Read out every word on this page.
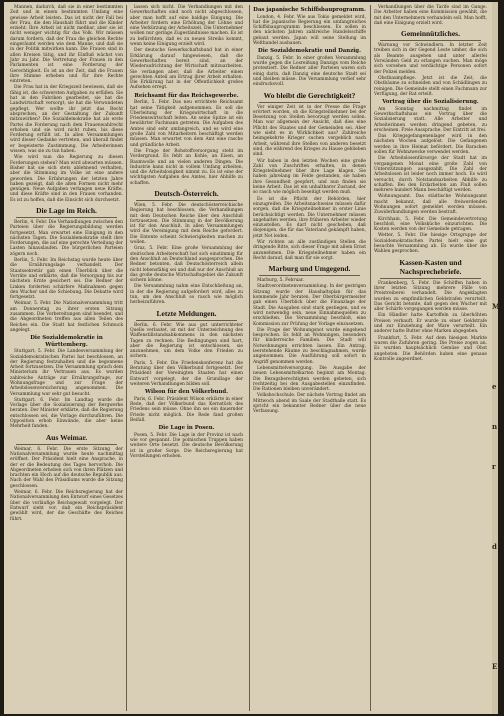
Mannen, dadurch, daß sie in einer bestimmten Zeit und in einem bestimmten Umfang eine gewisse Arbeit leisten. Das ist nicht der Fall bei der Frau, die den Haushalt führt und die Kinder erzieht. Ihre Arbeit ist nicht meßbar, aber sie ist nicht weniger wichtig für das Volk. Wir müssen darum fordern, daß der Frau die gleichen Rechte eingeräumt werden wie dem Manne, und daß sie in der Politik mitwirken kann. Die Frauen sind in allen Kreisen tätig, und ihr Einfluß wächst von Jahr zu Jahr. Die Vertretung der Frauen in den Parlamenten ist eine Forderung der Gerechtigkeit. Es ist an der Zeit, daß die Frauen ihre Stimme erheben und für ihre Rechte eintreten.

Die Frau hat in der Kriegszeit bewiesen, daß sie fähig ist, die schwersten Aufgaben zu erfüllen. Sie hat in den Fabriken gearbeitet, sie hat die Landwirtschaft versorgt, sie hat die Verwundeten gepflegt. Wer wollte ihr jetzt das Recht absprechen, an der Gestaltung der Zukunft mitzuwirken? Die Sozialdemokratie hat als erste Partei die Forderung nach dem Frauenwahlrecht erhoben und sie wird nicht ruhen, bis diese Forderung erfüllt ist. In allen Versammlungen wird dieser Gedanke vertreten, und überall findet er begeisterte Zustimmung. Die Arbeiterinnen wissen, was sie zu tun haben.

Wie wird nun die Regierung zu diesen Forderungen stehen? Man wird abwarten müssen. Bisher hat sie sich stets ablehnend verhalten, aber die Stimmung im Volke ist eine andere geworden. Die Erfahrungen der letzten Jahre haben gezeigt, daß die alten Formen nicht mehr genügen. Neue Aufgaben verlangen neue Kräfte, und diese Kräfte sind in den Frauen vorhanden. Es ist zu hoffen, daß die Einsicht sich durchsetzt.

Die Lage im Reich.

Berlin, 4. Febr. Die Verhandlungen zwischen den Parteien über die Regierungsbildung werden fortgesetzt. Man erwartet eine Einigung in den nächsten Tagen. Die Sozialdemokratie stellt ihre Forderungen, die auf eine gerechte Verteilung der Lasten hinauslaufen. Die bürgerlichen Parteien zögern noch.

Berlin, 5. Febr. Im Reichstag wurde heute über die Ernährungslage verhandelt. Der Staatssekretär gab einen Überblick über die Vorräte und erklärte, daß die Versorgung bis zur nächsten Ernte gesichert sei. Die Redner der Linken forderten schärfere Maßnahmen gegen den Wucher und die Schiebung. Die Debatte wird fortgesetzt.

Weimar, 5. Febr. Die Nationalversammlung tritt am Donnerstag zu ihrer ersten Sitzung zusammen. Die Vorbereitungen sind beendet, und die Abgeordneten treffen aus allen Teilen des Reiches ein. Die Stadt hat festlichen Schmuck angelegt.

Die Sozialdemokratie in Württemberg.

Stuttgart, 5. Febr. Die Landesversammlung der Sozialdemokratischen Partei hat beschlossen, an der Regierung festzuhalten und die begonnene Arbeit fortzusetzen. Die Versammlung sprach dem Ministerium ihr Vertrauen aus. Es wurden zahlreiche Anträge zur Ernährungsfrage, zur Wohnungsfrage und zur Frage der Arbeitslosenversicherung angenommen. Die Versammlung war sehr gut besucht.

Stuttgart, 6. Febr. Im Landtag wurde die Vorlage über die Sozialisierung der Bergwerke beraten. Der Minister erklärte, daß die Regierung entschlossen sei, die Vorlage durchzuführen. Die Opposition erhob Einwände, die aber keine Mehrheit fanden.

Aus Weimar.

Weimar, 6. Febr. Die erste Sitzung der Nationalversammlung wurde heute nachmittag eröffnet. Der Präsident hielt eine Ansprache, in der er die Bedeutung des Tages hervorhob. Die Abgeordneten erhoben sich von ihren Plätzen und brachten ein Hoch auf die deutsche Republik aus. Nach der Wahl des Präsidiums wurde die Sitzung geschlossen.

Weimar, 6. Febr. Die Reichsregierung hat der Nationalversammlung den Entwurf eines Gesetzes über die vorläufige Reichsgewalt vorgelegt. Der Entwurf sieht vor, daß ein Reichspräsident gewählt wird, der die Geschäfte des Reiches führt.

lassen sich nicht. Die Verhandlungen mit den Gewerkschaften sind noch nicht abgeschlossen, aber man hofft auf eine baldige Einigung. Die Arbeiter fordern eine Erhöhung der Löhne und eine Verkürzung der Arbeitszeit. Die Unternehmer wollen nur geringe Zugeständnisse machen. Es ist zu befürchten, daß es zu neuen Streiks kommt, wenn keine Einigung erzielt wird.

Der deutsche Gewerkschaftsbund hat in einer Erklärung darauf hingewiesen, daß die Gewerkschaften bereit sind, an der Wiederaufrichtung der Wirtschaft mitzuarbeiten. Sie verlangen aber, daß die Arbeiter einen gerechten Anteil am Ertrag ihrer Arbeit erhalten. Die Erklärung hat in der Öffentlichkeit großes Aufsehen erregt.

Reichsamt für das Reichsgewerbe.

Berlin, 5. Febr. Das neu errichtete Reichsamt hat seine Tätigkeit aufgenommen. Es soll die Überleitung der Kriegswirtschaft in die Friedenswirtschaft leiten. An seine Spitze ist ein bewährter Fachmann getreten. Die Aufgaben des Amtes sind sehr umfangreich, und es wird eine große Zahl von Mitarbeitern beschäftigt werden müssen. Man erwartet von dem Amt eine rasche und gründliche Arbeit.

Die Frage der Rohstoffversorgung steht im Vordergrund. Es fehlt an Kohle, an Eisen, an Baumwolle und an vielen anderen Dingen. Die Industrie kann nicht in vollem Umfang arbeiten, und die Arbeitslosigkeit nimmt zu. Es ist eine der wichtigsten Aufgaben des Amtes, hier Abhilfe zu schaffen.

Deutsch-Österreich.

Wien, 5. Febr. Die deutschösterreichische Regierung hat beschlossen, die Verhandlungen mit dem Deutschen Reiche über den Anschluß fortzusetzen. Die Stimmung in der Bevölkerung ist für den Anschluß. In allen Versammlungen wird die Vereinigung mit dem Reiche gefordert. Die Entente scheint Schwierigkeiten machen zu wollen.

Graz, 5. Febr. Eine große Versammlung der steirischen Arbeiterschaft hat sich einstimmig für den Anschluß an Deutschland ausgesprochen. Die Redner betonten, daß Deutschösterreich allein nicht lebensfähig sei und daß nur der Anschluß an das große deutsche Wirtschaftsgebiet die Zukunft sichern könne.

Die Versammlung nahm eine Entschließung an, in der die Regierung aufgefordert wird, alles zu tun, um den Anschluß so rasch wie möglich herbeizuführen.

Letzte Meldungen.

Berlin, 6. Febr. Wie aus gut unterrichteter Quelle verlautet, ist mit der Unterzeichnung des Waffenstillstandsabkommens in den nächsten Tagen zu rechnen. Die Bedingungen sind hart, aber die Regierung ist entschlossen, sie anzunehmen, um dem Volke den Frieden zu sichern.

Paris, 5. Febr. Die Friedenskonferenz hat die Beratung über den Völkerbund fortgesetzt. Der Präsident der Vereinigten Staaten hat einen Entwurf vorgelegt, der die Grundlage der weiteren Verhandlungen bilden soll.

Wilson für den Völkerbund.

Paris, 6. Febr. Präsident Wilson erklärte in einer Rede, daß der Völkerbund das Kernstück des Friedens sein müsse. Ohne ihn sei ein dauernder Friede nicht möglich. Die Rede fand großen Beifall.

Die Lage in Posen.

Posen, 5. Febr. Die Lage in der Provinz ist nach wie vor gespannt. Die polnischen Truppen haben weitere Orte besetzt. Die deutsche Bevölkerung ist in großer Sorge. Die Reichsregierung hat Vorstellungen erhoben.

Das japanische Schiffsbauprogramm.

London, 4. Febr. Wie aus Tokio gemeldet wird, hat die japanische Regierung ein umfangreiches Schiffsbauprogramm beschlossen. Es sollen in den nächsten Jahren zahlreiche Handelsschiffe gebaut werden. Japan will seine Stellung im Welthandel ausbauen.

Die Sozialdemokratie und Danzig.

Danzig, 5. Febr. In einer großen Versammlung wurde gegen die Losreißung Danzigs vom Reiche protestiert. Die Redner aller Parteien waren sich einig darin, daß Danzig eine deutsche Stadt sei und bleiben müsse. Die Versammlung verlief sehr eindrucksvoll.

Wo bleibt die Gerechtigkeit?

Vor einiger Zeit ist in der Presse die Frage erörtert worden, ob die Kriegsteilnehmer bei der Besetzung von Stellen bevorzugt werden sollen. Man war allgemein der Ansicht, daß dies eine Pflicht des Staates und der Gemeinden sei. Aber wie sieht es in Wirklichkeit aus? Zahlreiche heimgekehrte Krieger suchen vergeblich nach Arbeit, während ihre Stellen von anderen besetzt sind, die während des Krieges zu Hause geblieben sind.

Wir haben in den letzten Wochen eine große Zahl von Zuschriften erhalten, in denen Kriegsteilnehmer über ihre Lage klagen. Sie haben jahrelang im Felde gestanden, sie haben ihre Gesundheit geopfert, und nun finden sie keine Arbeit. Das ist ein unhaltbarer Zustand, der so rasch wie möglich beseitigt werden muß.

Es ist die Pflicht der Behörden, hier einzugreifen. Die Arbeitsnachweise müssen dafür sorgen, daß die Kriegsteilnehmer in erster Linie berücksichtigt werden. Die Unternehmer müssen angehalten werden, ihre früheren Arbeiter wieder einzustellen. Es darf nicht geschehen, daß diejenigen, die für das Vaterland gekämpft haben, jetzt Not leiden.

Wir richten an alle zuständigen Stellen die dringende Bitte, sich dieser Frage mit allem Ernst anzunehmen. Die Kriegsteilnehmer haben ein Recht darauf, daß man für sie sorgt.

Marburg und Umgegend.

Marburg, 5. Februar.

Stadtverordnetenversammlung. In der gestrigen Sitzung wurde der Haushaltsplan für das kommende Jahr beraten. Der Oberbürgermeister gab einen Überblick über die Finanzlage der Stadt. Die Ausgaben sind stark gestiegen, und es wird notwendig sein, neue Einnahmequellen zu erschließen. Die Versammlung beschloß, eine Kommission zur Prüfung der Vorlage einzusetzen.

Die Frage der Wohnungsnot wurde eingehend besprochen. Es fehlt an Wohnungen, besonders für kinderreiche Familien. Die Stadt will Notwohnungen errichten lassen. Ein Antrag, leerstehende Räume zu beschlagnahmen, wurde angenommen. Die Ausführung soll sofort in Angriff genommen werden.

Lebensmittelversorgung. Die Ausgabe der neuen Lebensmittelkarten beginnt am Montag. Die Bezugsberechtigten werden gebeten, sich rechtzeitig bei den Ausgabestellen einzufinden. Die Rationen bleiben unverändert.

Volkshochschule. Der nächste Vortrag findet am Mittwoch abend im Saale der Stadthalle statt. Es spricht ein bekannter Redner über die neue Verfassung.

Verhandlungen über die Tarife sind im Gange. Die Arbeiter haben eine Kommission gewählt, die mit den Unternehmern verhandeln soll. Man hofft, daß eine Einigung erzielt wird.

Gemeinnützliches.

Warnung vor Schwindlern. In letzter Zeit treiben sich in der Gegend Leute umher, die sich als Beamte ausgeben und unter allerlei Vorwänden Geld zu erlangen suchen. Man möge sich vorsehen und verdächtige Personen sofort der Polizei melden.

Obstbaumpflege. Jetzt ist die Zeit, die Obstbäume zu schneiden und von Schädlingen zu reinigen. Die Gemeinde stellt einen Fachmann zur Verfügung, der Rat erteilt.

Vortrag über die Sozialisierung.

Am Sonntag nachmittag findet im Gewerkschaftshaus ein Vortrag über die Sozialisierung statt. Alle Arbeiter und Arbeiterinnen werden dringend gebeten, zu erscheinen. Freie Aussprache. Der Eintritt ist frei.

Das Kriegsgefangenenlager wird in den nächsten Wochen aufgelöst. Die Gefangenen werden in ihre Heimat befördert. Die Baracken sollen für Wohnzwecke verwendet werden.

Die Arbeitslosenfürsorge der Stadt hat im vergangenen Monat eine große Zahl von Unterstützungen ausgezahlt. Die Zahl der Arbeitslosen ist leider noch immer hoch. Es wird versucht, durch Notstandsarbeiten Abhilfe zu schaffen. Bei den Erdarbeiten am Fluß sollen mehrere hundert Mann beschäftigt werden.

Wohnungsamt. Das städtische Wohnungsamt macht bekannt, daß alle freiwerdenden Wohnungen sofort gemeldet werden müssen. Zuwiderhandlungen werden bestraft.

Kirchhain, 5. Febr. Die Gemeindevertretung beschloß, eine Volksküche einzurichten. Die Kosten werden von der Gemeinde getragen.

Wetter, 5. Febr. Die hiesige Ortsgruppe der Sozialdemokratischen Partei hielt eine gut besuchte Versammlung ab. Es wurde über die Wahlen gesprochen.

Kassen-Kasten und Nachsprechebriefe.

Frankenberg, 5. Febr. Die Schöffen haben in ihrer letzten Sitzung mehrere Fälle von Preistreiberei verhandelt. Die Angeklagten wurden zu empfindlichen Geldstrafen verurteilt. Das Gericht betonte, daß gegen den Wucher mit aller Schärfe vorgegangen werden müsse.

Ein Händler hatte Kartoffeln zu überhöhten Preisen verkauft. Er wurde zu einer Geldstrafe und zur Einziehung der Ware verurteilt. Ein anderer hatte Butter ohne Marken abgegeben.

Frankfurt, 5. Febr. Auf dem hiesigen Markte waren die Zufuhren gering. Die Preise zogen an. Es wurden hauptsächlich Gemüse und Obst angeboten. Die Behörden haben eine genaue Kontrolle angeordnet.

M
e
n
r
d
E
